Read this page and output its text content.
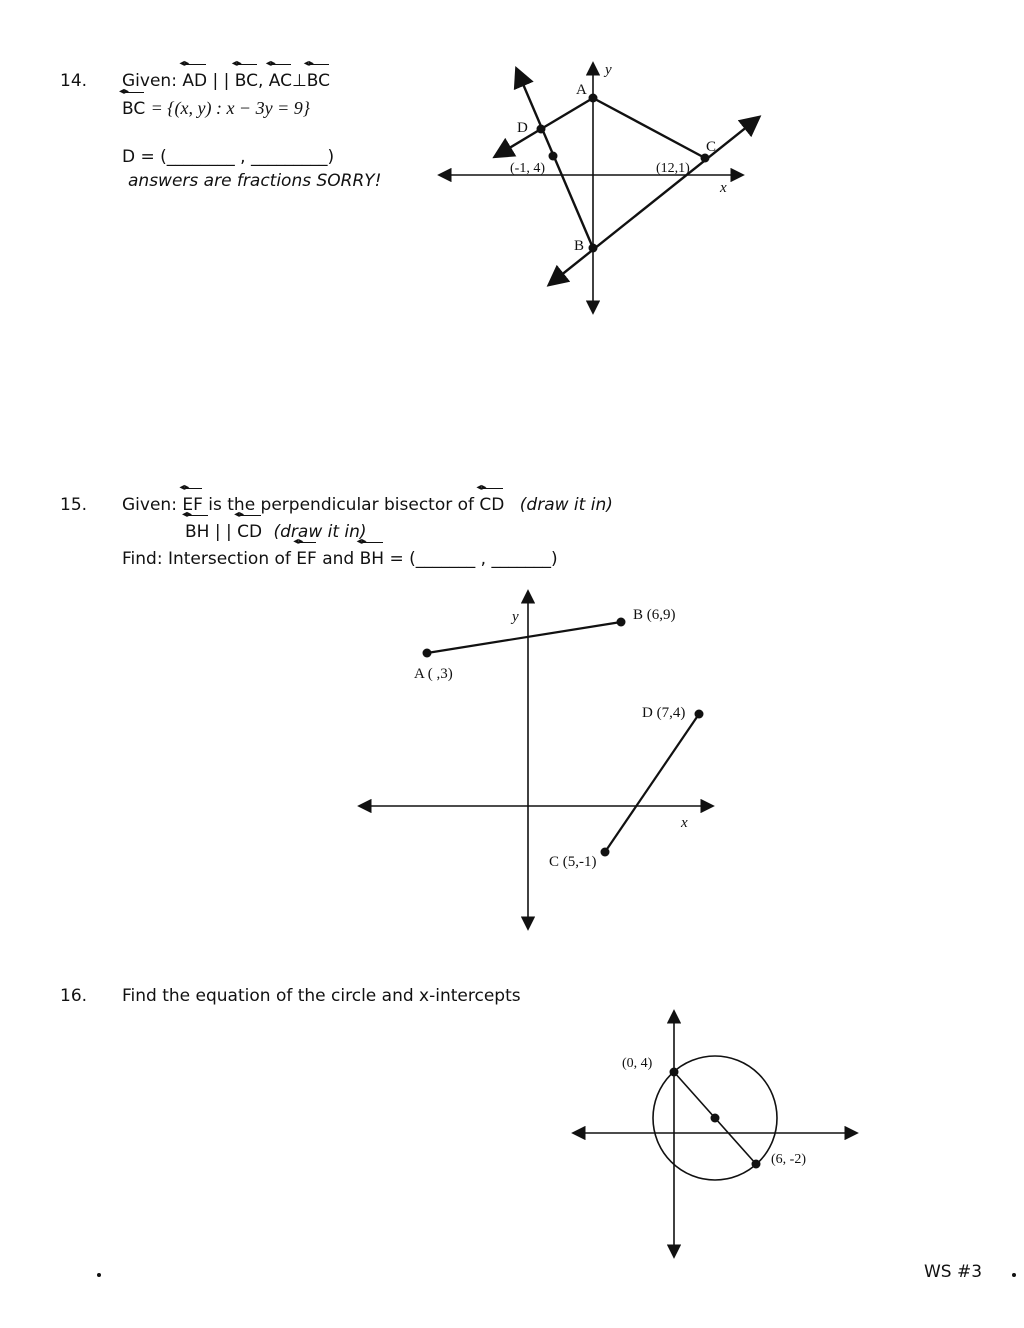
14. Given: AD ◂▸ | | BC ◂▸, AC ◂▸⊥BC ◂▸
BC ◂▸ = {(x, y) : x − 3y = 9}
D = (________ , _________)
answers are fractions SORRY!
A
B
C
D
(-1, 4)	(12,1)
x
y
15. Given: EF ◂▸ is the perpendicular bisector of CD ◂▸ (draw it in)
BH ◂▸ | | CD ◂▸ (draw it in)
Find: Intersection of EF ◂▸ and BH ◂▸ = (_______ , _______)
A ( ,3)
B (6,9)
C (5,-1)
D (7,4)
x
y
16. Find the equation of the circle and x-intercepts
(0, 4)
(6, -2)
WS #3
